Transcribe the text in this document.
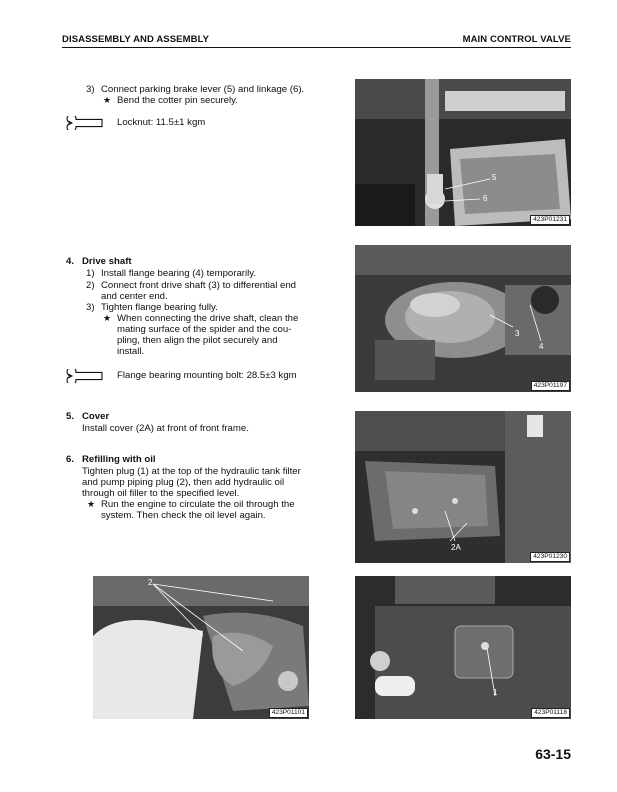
DISASSEMBLY AND ASSEMBLY	MAIN CONTROL VALVE
3) Connect parking brake lever (5) and linkage (6).
★ Bend the cotter pin securely.
Locknut: 11.5±1 kgm
4. Drive shaft
1) Install flange bearing (4) temporarily.
2) Connect front drive shaft (3) to differential end
and center end.
3) Tighten flange bearing fully.
★ When connecting the drive shaft, clean the
mating surface of the spider and the cou-
pling, then align the pilot securely and
install.
Flange bearing mounting bolt: 28.5±3 kgm
5. Cover
Install cover (2A) at front of front frame.
6. Refilling with oil
Tighten plug (1) at the top of the hydraulic tank filter
and pump piping plug (2), then add hydraulic oil
through oil filler to the specified level.
★ Run the engine to circulate the oil through the
system. Then check the oil level again.
5
6
423P01231
3
4
423P01197
2A
423P01230
2
423P01101
1
423P01118
63-15
